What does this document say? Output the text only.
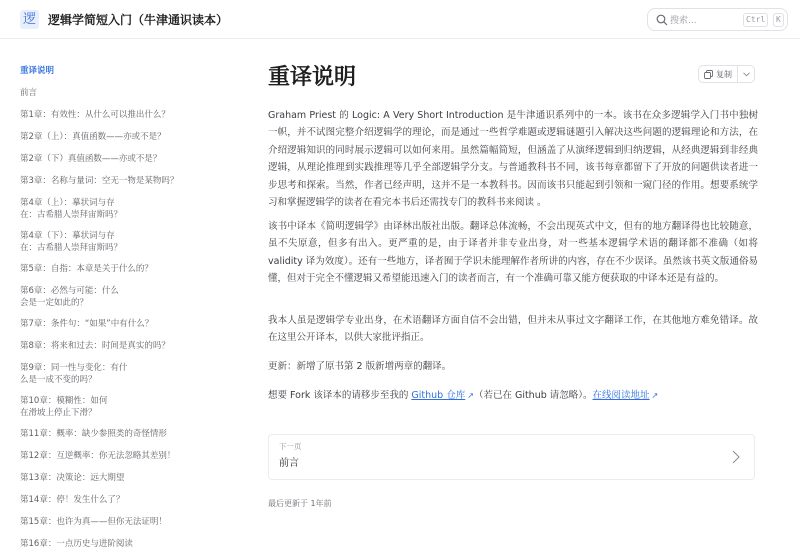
逻 逻辑学简短入门（牛津通识读本）	搜索...	Ctrl	K
重译说明
前言
第1章：有效性：从什么可以推出什么？
第2章（上）：真值函数——亦或不是？
第2章（下）真值函数——亦或不是？
第3章：名称与量词：空无一物是某物吗？
第4章（上）：摹状词与存在：古希腊人崇拜宙斯吗？
第4章（下）：摹状词与存在：古希腊人崇拜宙斯吗？
第5章：自指：本章是关于什么的？
第6章：必然与可能：什么会是一定如此的？
第7章：条件句：“如果”中有什么？
第8章：将来和过去：时间是真实的吗？
第9章：同一性与变化：有什么是一成不变的吗？
第10章：模糊性：如何在滑坡上停止下滑？
第11章：概率：缺少参照类的奇怪情形
第12章：互逆概率：你无法忽略其差别！
第13章：决策论：远大期望
第14章：停！发生什么了？
第15章：也许为真——但你无法证明！
第16章：一点历史与进阶阅读
重译说明	复制

Graham Priest 的 Logic: A Very Short Introduction 是牛津通识系列中的一本。该书在众多逻辑学入门书中独树一帜，并不试图完整介绍逻辑学的理论，而是通过一些哲学难题或逻辑谜题引入解决这些问题的逻辑理论和方法，在介绍逻辑知识的同时展示逻辑可以如何来用。虽然篇幅简短，但涵盖了从演绎逻辑到归纳逻辑，从经典逻辑到非经典逻辑，从理论推理到实践推理等几乎全部逻辑学分支。与普通教科书不同，该书每章都留下了开放的问题供读者进一步思考和探索。当然，作者已经声明，这并不是一本教科书。因而该书只能起到引领和一窥门径的作用。想要系统学习和掌握逻辑学的读者在看完本书后还需找专门的教科书来阅读 。

该书中译本《简明逻辑学》由译林出版社出版。翻译总体流畅，不会出现英式中文，但有的地方翻译得也比较随意，虽不失原意，但多有出入。更严重的是，由于译者并非专业出身，对一些基本逻辑学术语的翻译都不准确（如将 validity 译为效度）。还有一些地方，译者囿于学识未能理解作者所讲的内容，存在不少误译。虽然该书英文版通俗易懂，但对于完全不懂逻辑又希望能迅速入门的读者而言，有一个准确可靠又能方便获取的中译本还是有益的。

我本人虽是逻辑学专业出身，在术语翻译方面自信不会出错，但并未从事过文字翻译工作，在其他地方难免错译。故在这里公开译本，以供大家批评指正。

更新：新增了原书第 2 版新增两章的翻译。

想要 Fork 该译本的请移步至我的 Github 仓库 ↗（若已在 Github 请忽略）。在线阅读地址 ↗

下一页
前言
最后更新于 1年前
